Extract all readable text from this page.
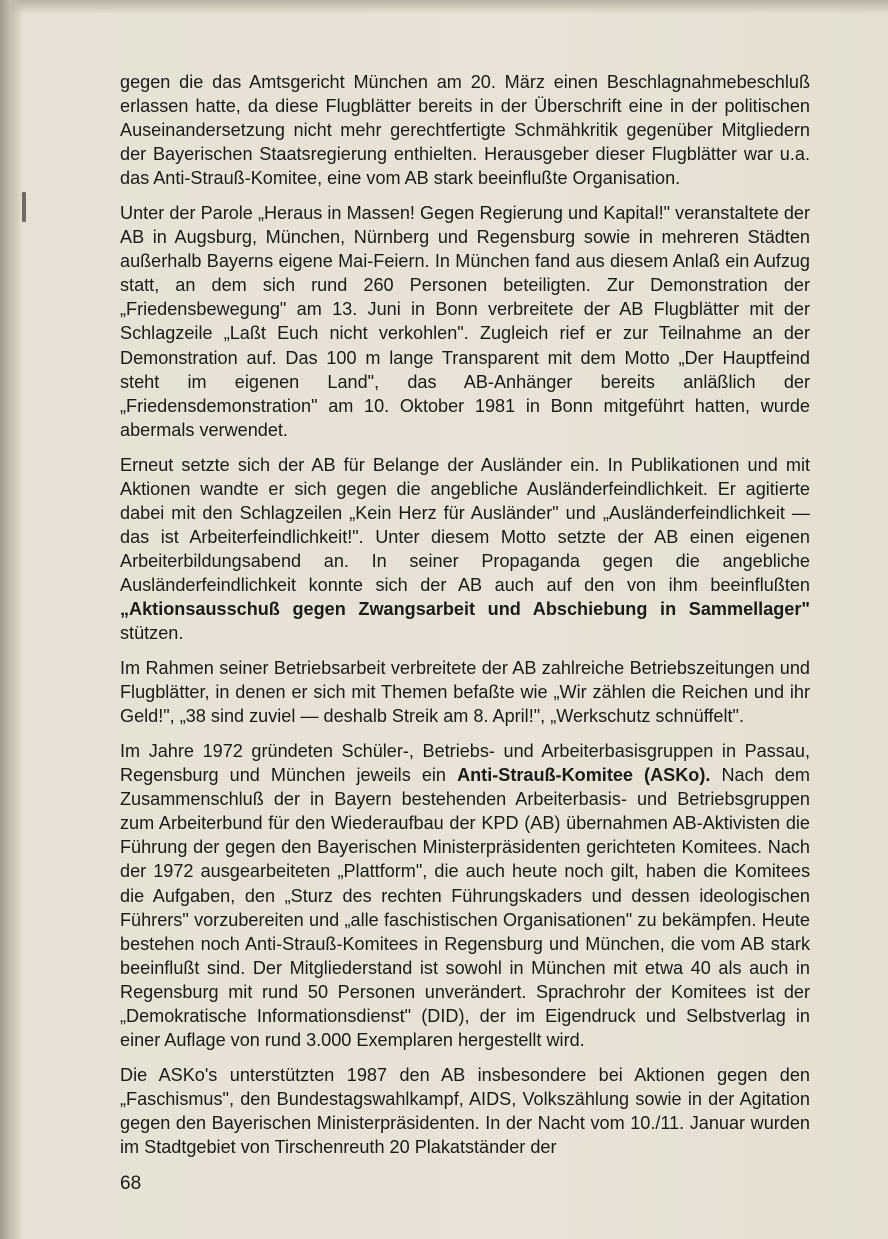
gegen die das Amtsgericht München am 20. März einen Beschlagnahmebeschluß erlassen hatte, da diese Flugblätter bereits in der Überschrift eine in der politischen Auseinandersetzung nicht mehr gerechtfertigte Schmähkritik gegenüber Mitgliedern der Bayerischen Staatsregierung enthielten. Herausgeber dieser Flugblätter war u.a. das Anti-Strauß-Komitee, eine vom AB stark beeinflußte Organisation.

Unter der Parole „Heraus in Massen! Gegen Regierung und Kapital!" veranstaltete der AB in Augsburg, München, Nürnberg und Regensburg sowie in mehreren Städten außerhalb Bayerns eigene Mai-Feiern. In München fand aus diesem Anlaß ein Aufzug statt, an dem sich rund 260 Personen beteiligten. Zur Demonstration der „Friedensbewegung" am 13. Juni in Bonn verbreitete der AB Flugblätter mit der Schlagzeile „Laßt Euch nicht verkohlen". Zugleich rief er zur Teilnahme an der Demonstration auf. Das 100 m lange Transparent mit dem Motto „Der Hauptfeind steht im eigenen Land", das AB-Anhänger bereits anläßlich der „Friedensdemonstration" am 10. Oktober 1981 in Bonn mitgeführt hatten, wurde abermals verwendet.

Erneut setzte sich der AB für Belange der Ausländer ein. In Publikationen und mit Aktionen wandte er sich gegen die angebliche Ausländerfeindlichkeit. Er agitierte dabei mit den Schlagzeilen „Kein Herz für Ausländer" und „Ausländerfeindlichkeit — das ist Arbeiterfeindlichkeit!". Unter diesem Motto setzte der AB einen eigenen Arbeiterbildungsabend an. In seiner Propaganda gegen die angebliche Ausländerfeindlichkeit konnte sich der AB auch auf den von ihm beeinflußten „Aktionsausschuß gegen Zwangsarbeit und Abschiebung in Sammellager" stützen.

Im Rahmen seiner Betriebsarbeit verbreitete der AB zahlreiche Betriebszeitungen und Flugblätter, in denen er sich mit Themen befaßte wie „Wir zählen die Reichen und ihr Geld!", „38 sind zuviel — deshalb Streik am 8. April!", „Werkschutz schnüffelt".

Im Jahre 1972 gründeten Schüler-, Betriebs- und Arbeiterbasisgruppen in Passau, Regensburg und München jeweils ein Anti-Strauß-Komitee (ASKo). Nach dem Zusammenschluß der in Bayern bestehenden Arbeiterbasis- und Betriebsgruppen zum Arbeiterbund für den Wiederaufbau der KPD (AB) übernahmen AB-Aktivisten die Führung der gegen den Bayerischen Ministerpräsidenten gerichteten Komitees. Nach der 1972 ausgearbeiteten „Plattform", die auch heute noch gilt, haben die Komitees die Aufgaben, den „Sturz des rechten Führungskaders und dessen ideologischen Führers" vorzubereiten und „alle faschistischen Organisationen" zu bekämpfen. Heute bestehen noch Anti-Strauß-Komitees in Regensburg und München, die vom AB stark beeinflußt sind. Der Mitgliederstand ist sowohl in München mit etwa 40 als auch in Regensburg mit rund 50 Personen unverändert. Sprachrohr der Komitees ist der „Demokratische Informationsdienst" (DID), der im Eigendruck und Selbstverlag in einer Auflage von rund 3.000 Exemplaren hergestellt wird.

Die ASKo's unterstützten 1987 den AB insbesondere bei Aktionen gegen den „Faschismus", den Bundestagswahlkampf, AIDS, Volkszählung sowie in der Agitation gegen den Bayerischen Ministerpräsidenten. In der Nacht vom 10./11. Januar wurden im Stadtgebiet von Tirschenreuth 20 Plakatständer der

68
